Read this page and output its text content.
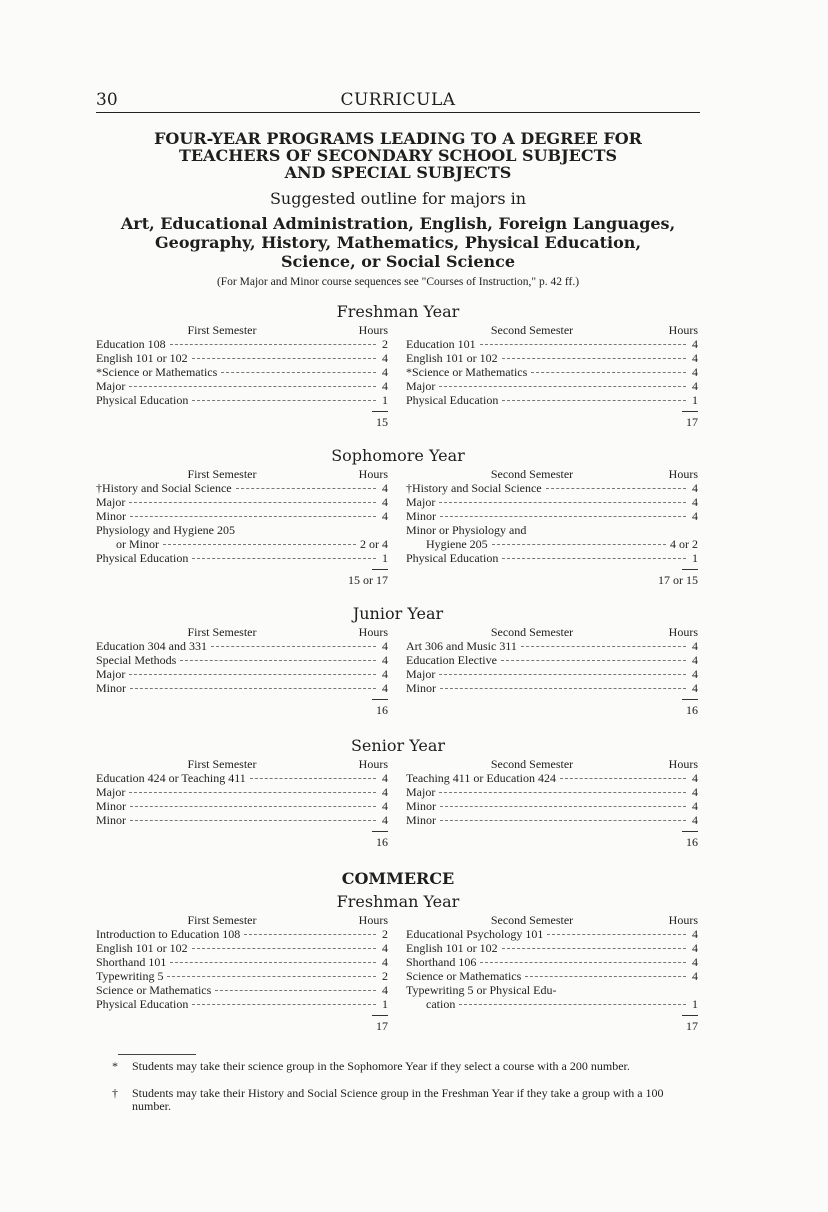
30	CURRICULA
FOUR-YEAR PROGRAMS LEADING TO A DEGREE FOR
TEACHERS OF SECONDARY SCHOOL SUBJECTS
AND SPECIAL SUBJECTS
Suggested outline for majors in
Art, Educational Administration, English, Foreign Languages,
Geography, History, Mathematics, Physical Education,
Science, or Social Science
(For Major and Minor course sequences see "Courses of Instruction," p. 42 ff.)
Freshman Year
First Semester	Hours
Education 108	2
English 101 or 102	4
*Science or Mathematics	4
Major	4
Physical Education	1
15
Second Semester	Hours
Education 101	4
English 101 or 102	4
*Science or Mathematics	4
Major	4
Physical Education	1
17
Sophomore Year
First Semester	Hours
†History and Social Science	4
Major	4
Minor	4
Physiology and Hygiene 205
or Minor	2 or 4
Physical Education	1
15 or 17
Second Semester	Hours
†History and Social Science	4
Major	4
Minor	4
Minor or Physiology and
Hygiene 205	4 or 2
Physical Education	1
17 or 15
Junior Year
First Semester	Hours
Education 304 and 331	4
Special Methods	4
Major	4
Minor	4
16
Second Semester	Hours
Art 306 and Music 311	4
Education Elective	4
Major	4
Minor	4
16
Senior Year
First Semester	Hours
Education 424 or Teaching 411	4
Major	4
Minor	4
Minor	4
16
Second Semester	Hours
Teaching 411 or Education 424	4
Major	4
Minor	4
Minor	4
16
COMMERCE
Freshman Year
First Semester	Hours
Introduction to Education 108	2
English 101 or 102	4
Shorthand 101	4
Typewriting 5	2
Science or Mathematics	4
Physical Education	1
17
Second Semester	Hours
Educational Psychology 101	4
English 101 or 102	4
Shorthand 106	4
Science or Mathematics	4
Typewriting 5 or Physical Edu-
cation	1
17
*	Students may take their science group in the Sophomore Year if they select a course with a 200 number.
†	Students may take their History and Social Science group in the Freshman Year if they take a group with a 100 number.
